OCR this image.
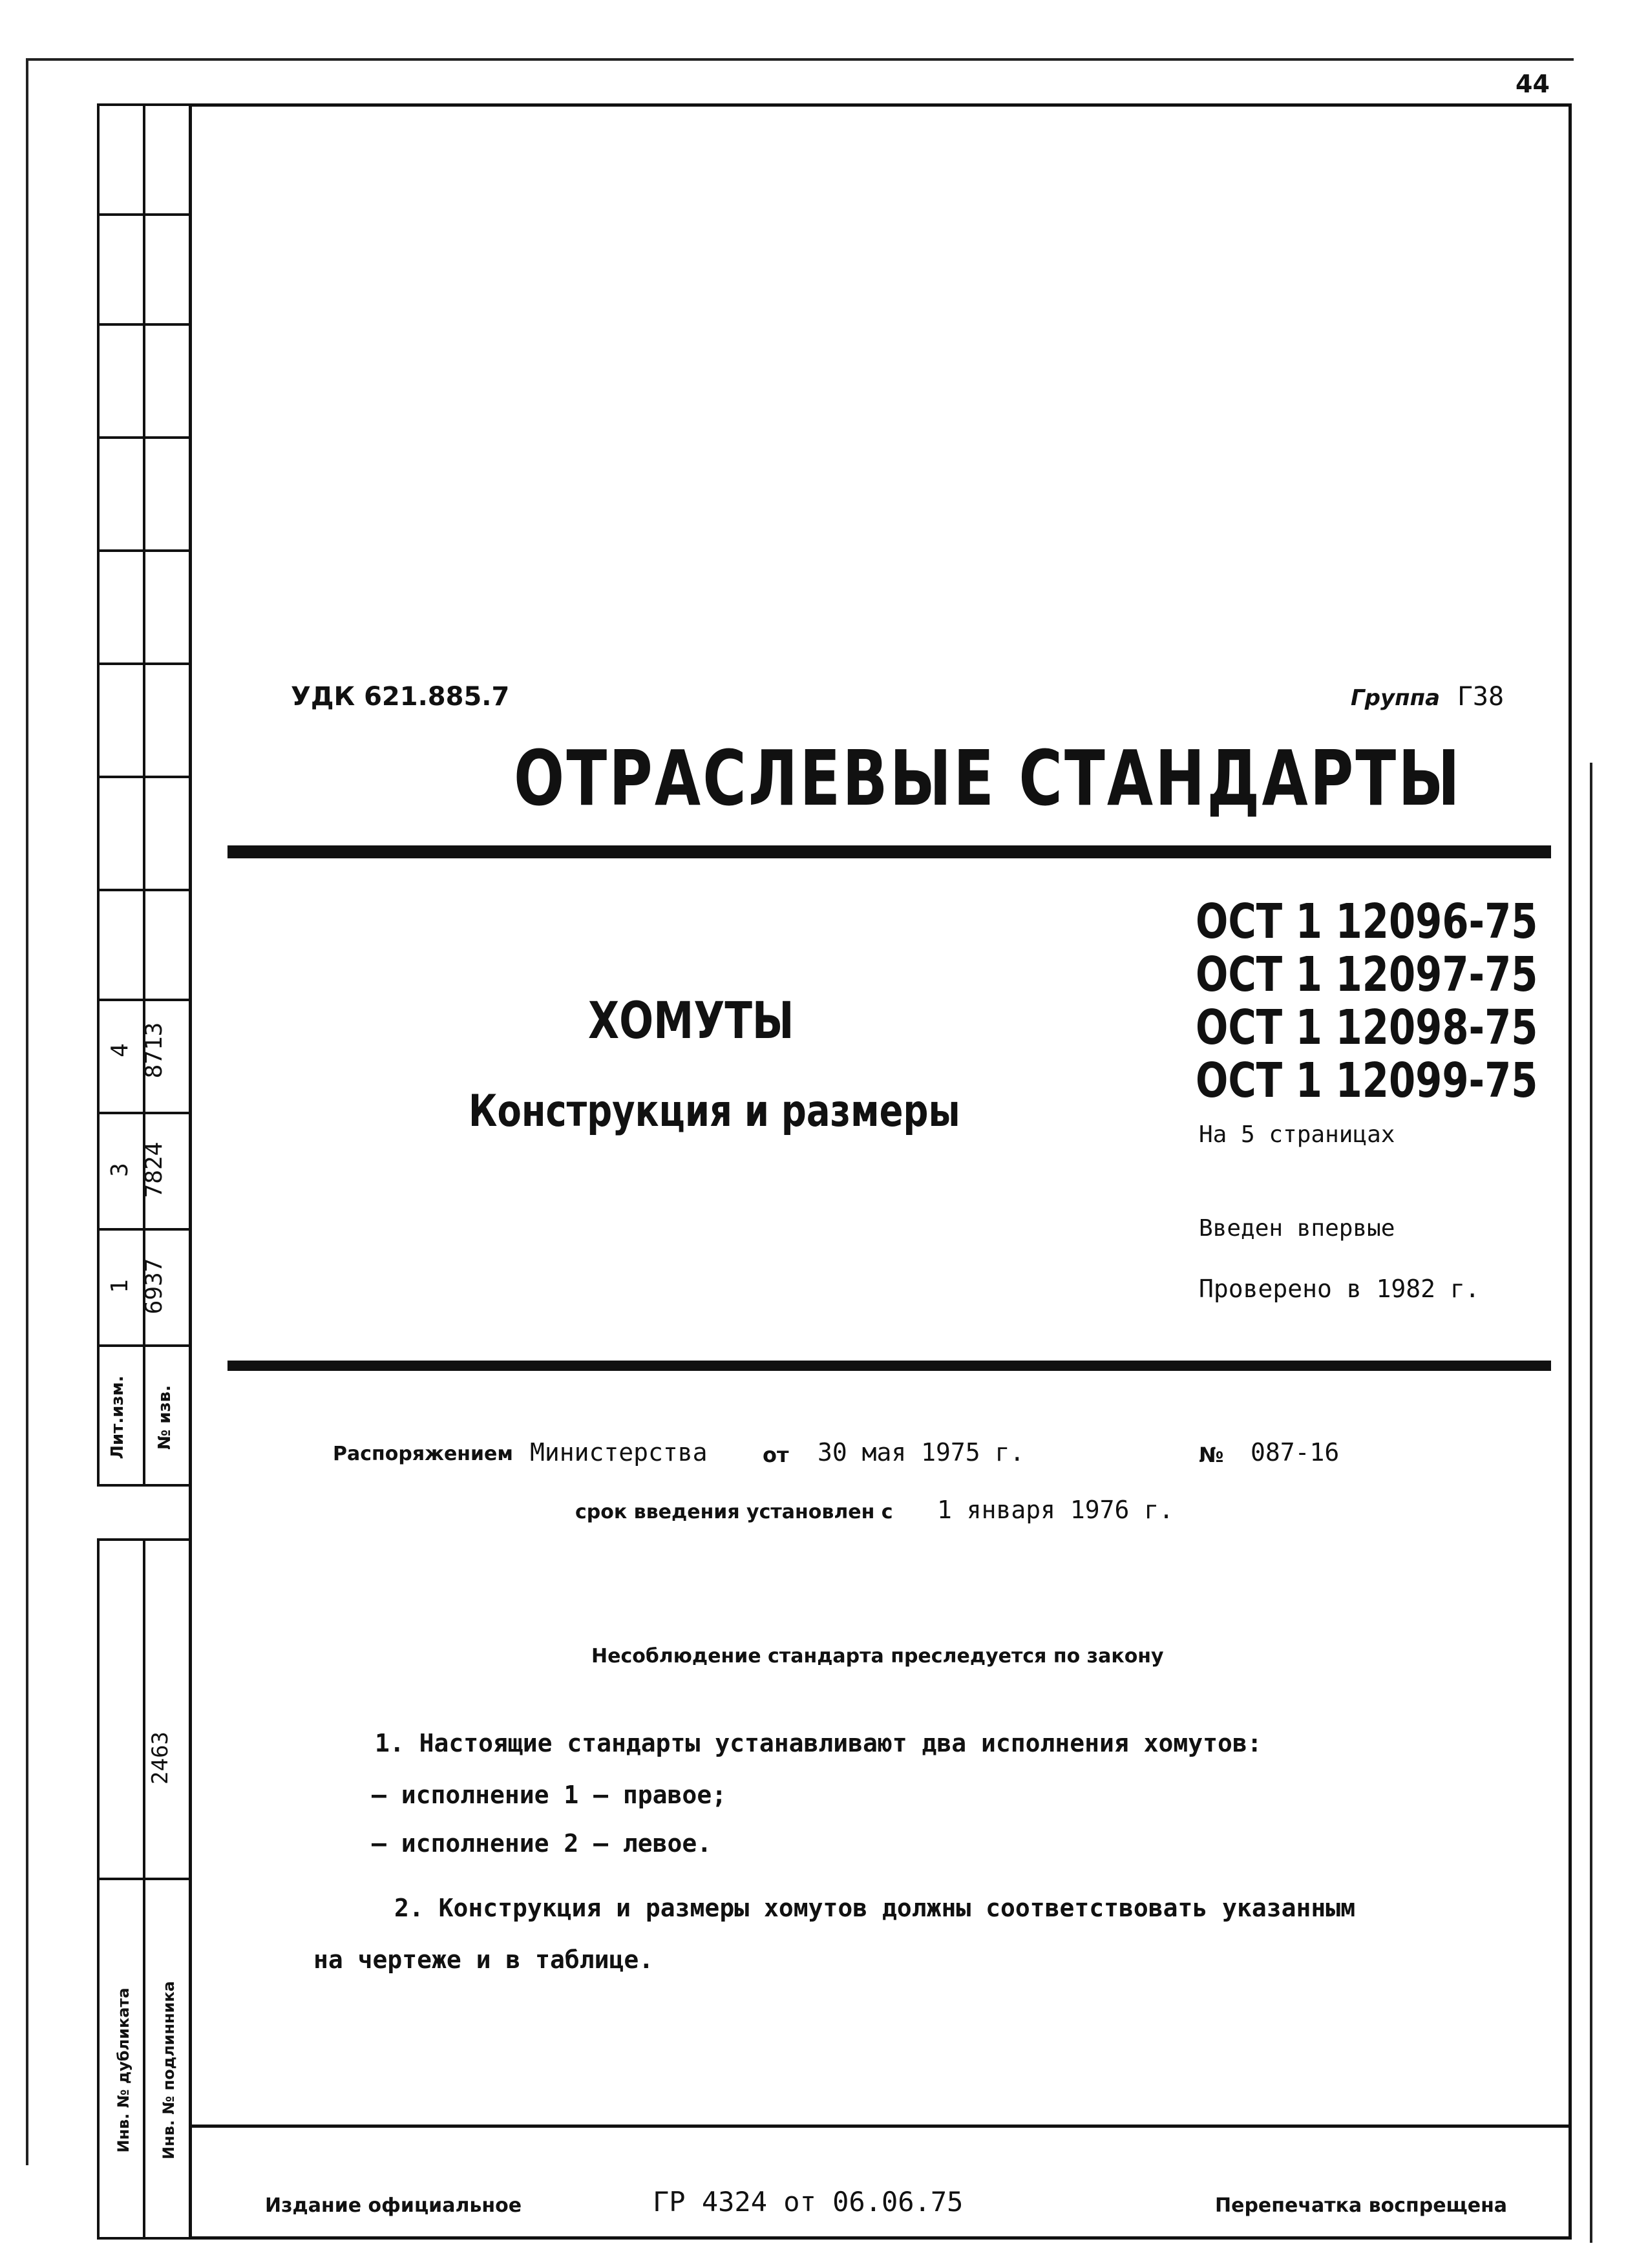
44
4 8713
3 7824
1 6937
Лит.изм. № изв.
2463
Инв. № дубликата	Инв. № подлинника
УДК 621.885.7	Группа Г38
ОТРАСЛЕВЫЕ СТАНДАРТЫ
ХОМУТЫ
Конструкция и размеры
ОСТ 1 12096-75
ОСТ 1 12097-75
ОСТ 1 12098-75
ОСТ 1 12099-75
На 5 страницах
Введен впервые
Проверено в 1982 г.
Распоряжением Министерства	от 30 мая 1975 г.	№ 087-16
срок введения установлен с 1 января 1976 г.
Несоблюдение стандарта преследуется по закону
1. Настоящие стандарты устанавливают два исполнения хомутов:
– исполнение 1 – правое;
– исполнение 2 – левое.
2. Конструкция и размеры хомутов должны соответствовать указанным
на чертеже и в таблице.
Издание официальное	ГР 4324 от 06.06.75	Перепечатка воспрещена
